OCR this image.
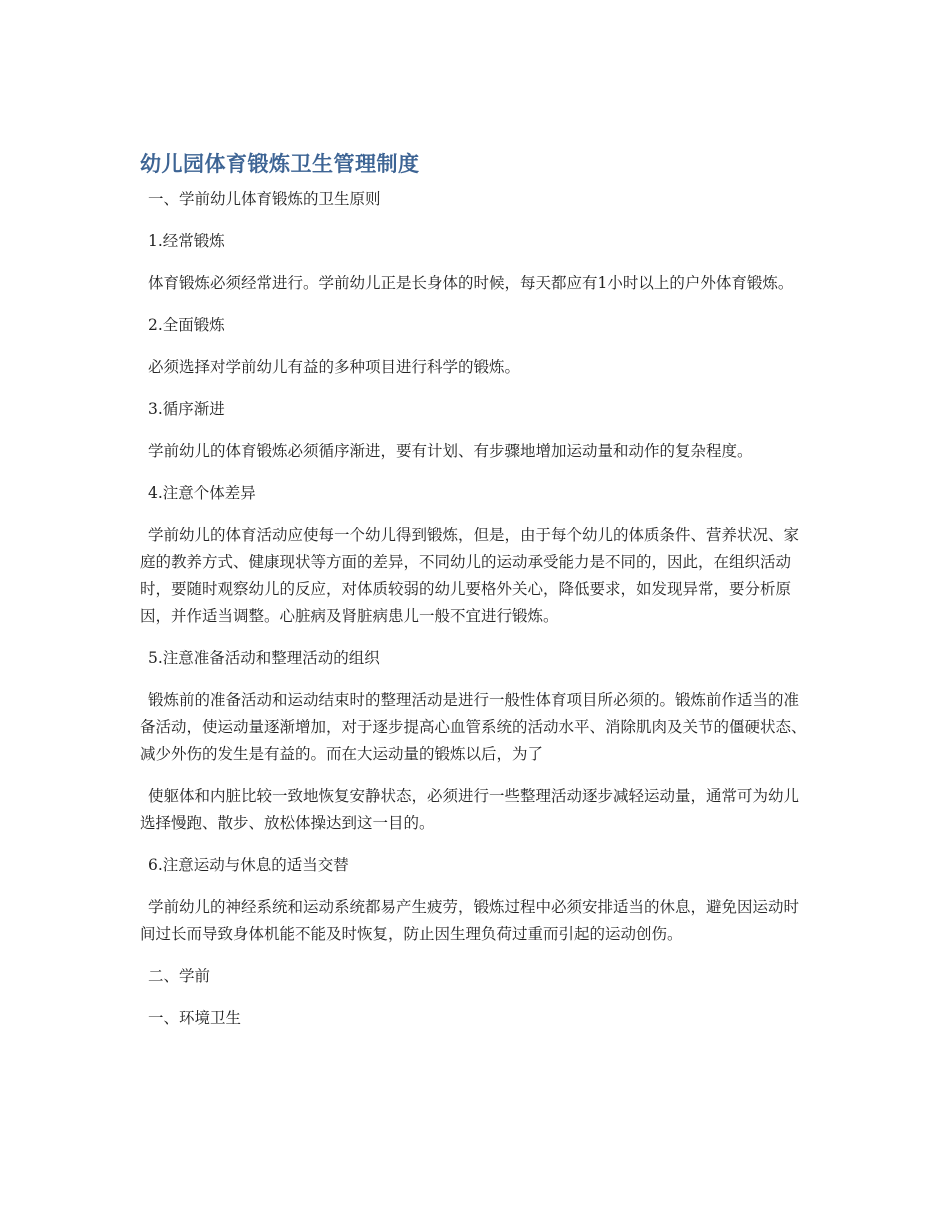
幼儿园体育锻炼卫生管理制度

一、学前幼儿体育锻炼的卫生原则

1.经常锻炼

体育锻炼必须经常进行。学前幼儿正是长身体的时候，每天都应有1小时以上的户外体育锻炼。

2.全面锻炼

必须选择对学前幼儿有益的多种项目进行科学的锻炼。

3.循序渐进

学前幼儿的体育锻炼必须循序渐进，要有计划、有步骤地增加运动量和动作的复杂程度。

4.注意个体差异

学前幼儿的体育活动应使每一个幼儿得到锻炼，但是，由于每个幼儿的体质条件、营养状况、家庭的教养方式、健康现状等方面的差异，不同幼儿的运动承受能力是不同的，因此，在组织活动时，要随时观察幼儿的反应，对体质较弱的幼儿要格外关心，降低要求，如发现异常，要分析原因，并作适当调整。心脏病及肾脏病患儿一般不宜进行锻炼。

5.注意准备活动和整理活动的组织

锻炼前的准备活动和运动结束时的整理活动是进行一般性体育项目所必须的。锻炼前作适当的准备活动，使运动量逐渐增加，对于逐步提高心血管系统的活动水平、消除肌肉及关节的僵硬状态、减少外伤的发生是有益的。而在大运动量的锻炼以后，为了

使躯体和内脏比较一致地恢复安静状态，必须进行一些整理活动逐步减轻运动量，通常可为幼儿选择慢跑、散步、放松体操达到这一目的。

6.注意运动与休息的适当交替

学前幼儿的神经系统和运动系统都易产生疲劳，锻炼过程中必须安排适当的休息，避免因运动时间过长而导致身体机能不能及时恢复，防止因生理负荷过重而引起的运动创伤。

二、学前

一、环境卫生
